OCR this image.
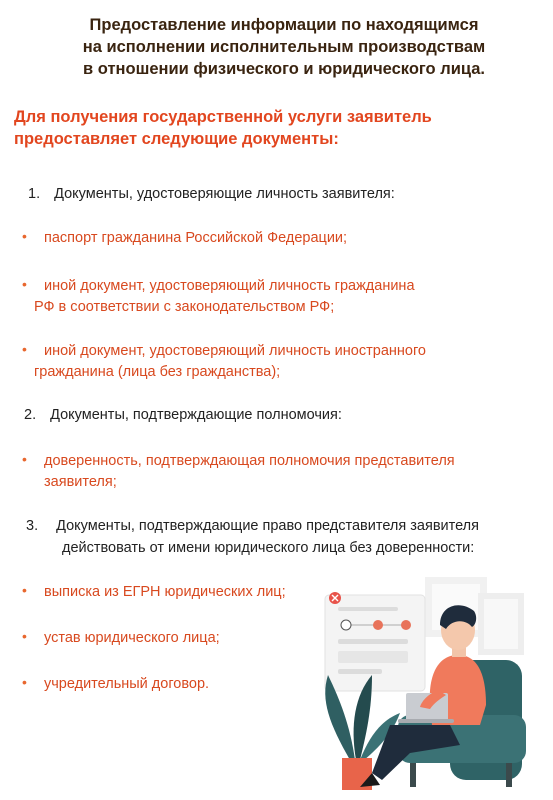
Предоставление информации по находящимся
на исполнении исполнительным производствам
в отношении физического и юридического лица.
Для получения государственной услуги заявитель
предоставляет следующие документы:
1. Документы, удостоверяющие личность заявителя:
• паспорт гражданина Российской Федерации;
• иной документ, удостоверяющий личность гражданина
РФ в соответствии с законодательством РФ;
• иной документ, удостоверяющий личность иностранного
гражданина (лица без гражданства);
2. Документы, подтверждающие полномочия:
• доверенность, подтверждающая полномочия представителя
заявителя;
3. Документы, подтверждающие право представителя заявителя
действовать от имени юридического лица без доверенности:
• выписка из ЕГРН юридических лиц;
• устав юридического лица;
• учредительный договор.
